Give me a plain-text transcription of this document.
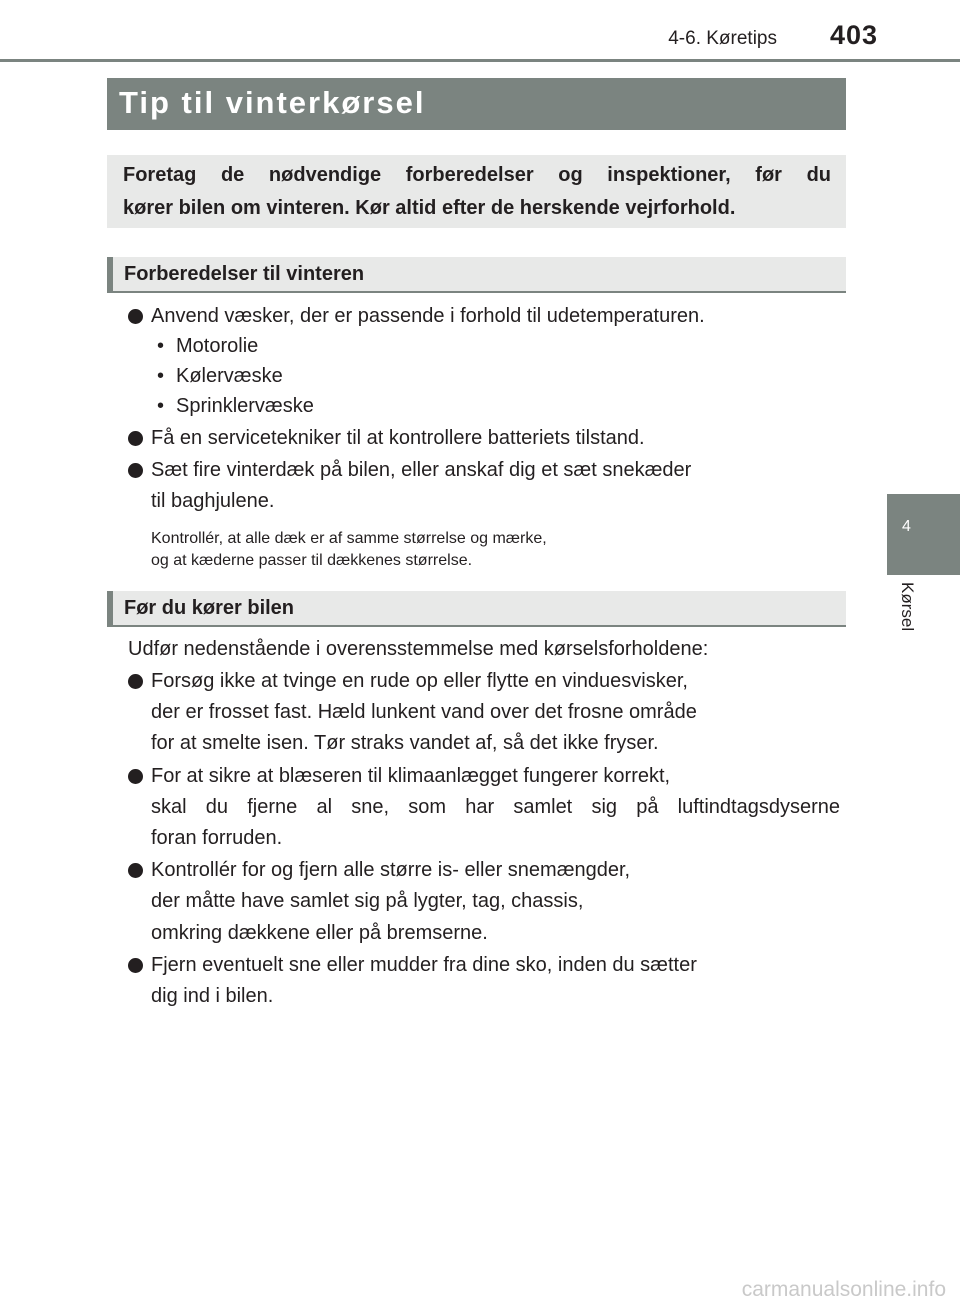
4-6. Køretips 403
4
Kørsel
Tip til vinterkørsel
Foretag de nødvendige forberedelser og inspektioner, før du
kører bilen om vinteren. Kør altid efter de herskende vejrforhold.
Forberedelser til vinteren
Anvend væsker, der er passende i forhold til udetemperaturen.
• Motorolie
• Kølervæske
• Sprinklervæske
Få en servicetekniker til at kontrollere batteriets tilstand.
Sæt fire vinterdæk på bilen, eller anskaf dig et sæt snekæder
til baghjulene.
Kontrollér, at alle dæk er af samme størrelse og mærke,
og at kæderne passer til dækkenes størrelse.
Før du kører bilen
Udfør nedenstående i overensstemmelse med kørselsforholdene:
Forsøg ikke at tvinge en rude op eller flytte en vinduesvisker,
der er frosset fast. Hæld lunkent vand over det frosne område
for at smelte isen. Tør straks vandet af, så det ikke fryser.
For at sikre at blæseren til klimaanlægget fungerer korrekt,
skal du fjerne al sne, som har samlet sig på luftindtagsdyserne
foran forruden.
Kontrollér for og fjern alle større is- eller snemængder,
der måtte have samlet sig på lygter, tag, chassis,
omkring dækkene eller på bremserne.
Fjern eventuelt sne eller mudder fra dine sko, inden du sætter
dig ind i bilen.
carmanualsonline.info
